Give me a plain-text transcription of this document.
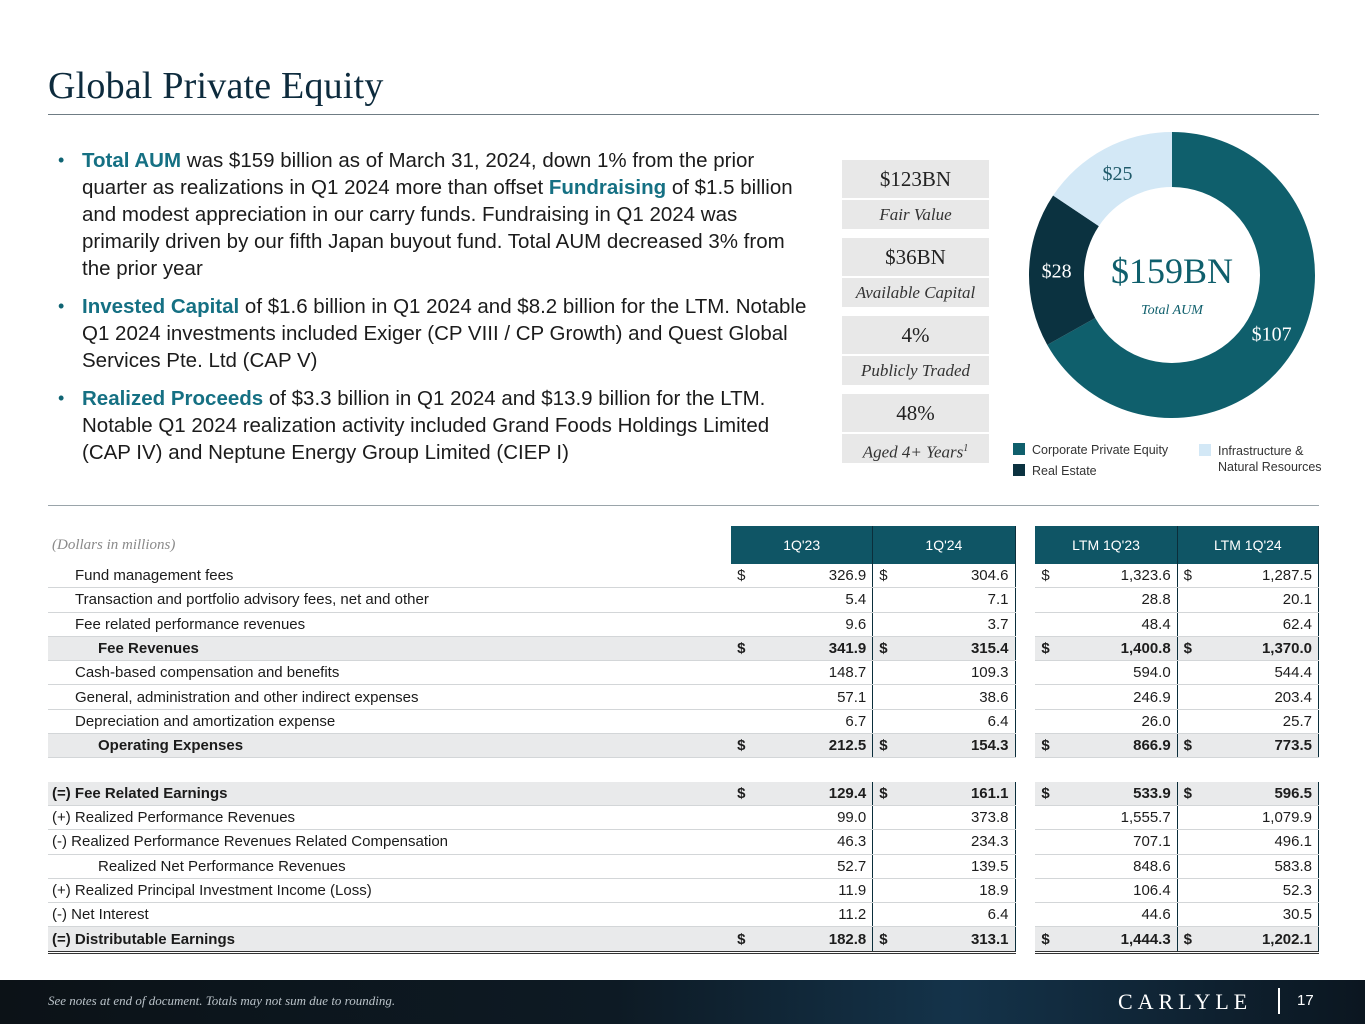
Global Private Equity
• Total AUM was $159 billion as of March 31, 2024, down 1% from the prior quarter as realizations in Q1 2024 more than offset Fundraising of $1.5 billion and modest appreciation in our carry funds. Fundraising in Q1 2024 was primarily driven by our fifth Japan buyout fund. Total AUM decreased 3% from the prior year
• Invested Capital of $1.6 billion in Q1 2024 and $8.2 billion for the LTM. Notable Q1 2024 investments included Exiger (CP VIII / CP Growth) and Quest Global Services Pte. Ltd (CAP V)
• Realized Proceeds of $3.3 billion in Q1 2024 and $13.9 billion for the LTM. Notable Q1 2024 realization activity included Grand Foods Holdings Limited (CAP IV) and Neptune Energy Group Limited (CIEP I)
$123BN
Fair Value
$36BN
Available Capital
4%
Publicly Traded
48%
Aged 4+ Years$^1$
$107
$28
$25
$159BN
Total AUM
Corporate Private Equity
Real Estate
Infrastructure &
Natural Resources
(Dollars in millions)	1Q'23		1Q'24			LTM 1Q'23		LTM 1Q'24	
Fund management fees	$	326.9	$	304.6		$	1,323.6	$	1,287.5
Transaction and portfolio advisory fees, net and other		5.4		7.1			28.8		20.1
Fee related performance revenues		9.6		3.7			48.4		62.4
Fee Revenues	$	341.9	$	315.4		$	1,400.8	$	1,370.0
Cash-based compensation and benefits		148.7		109.3			594.0		544.4
General, administration and other indirect expenses		57.1		38.6			246.9		203.4
Depreciation and amortization expense		6.7		6.4			26.0		25.7
Operating Expenses	$	212.5	$	154.3		$	866.9	$	773.5

(=) Fee Related Earnings	$	129.4	$	161.1		$	533.9	$	596.5
(+) Realized Performance Revenues		99.0		373.8			1,555.7		1,079.9
(-) Realized Performance Revenues Related Compensation		46.3		234.3			707.1		496.1
Realized Net Performance Revenues		52.7		139.5			848.6		583.8
(+) Realized Principal Investment Income (Loss)		11.9		18.9			106.4		52.3
(-) Net Interest		11.2		6.4			44.6		30.5
(=) Distributable Earnings	$	182.8	$	313.1		$	1,444.3	$	1,202.1
See notes at end of document. Totals may not sum due to rounding.	CARLYLE	17
